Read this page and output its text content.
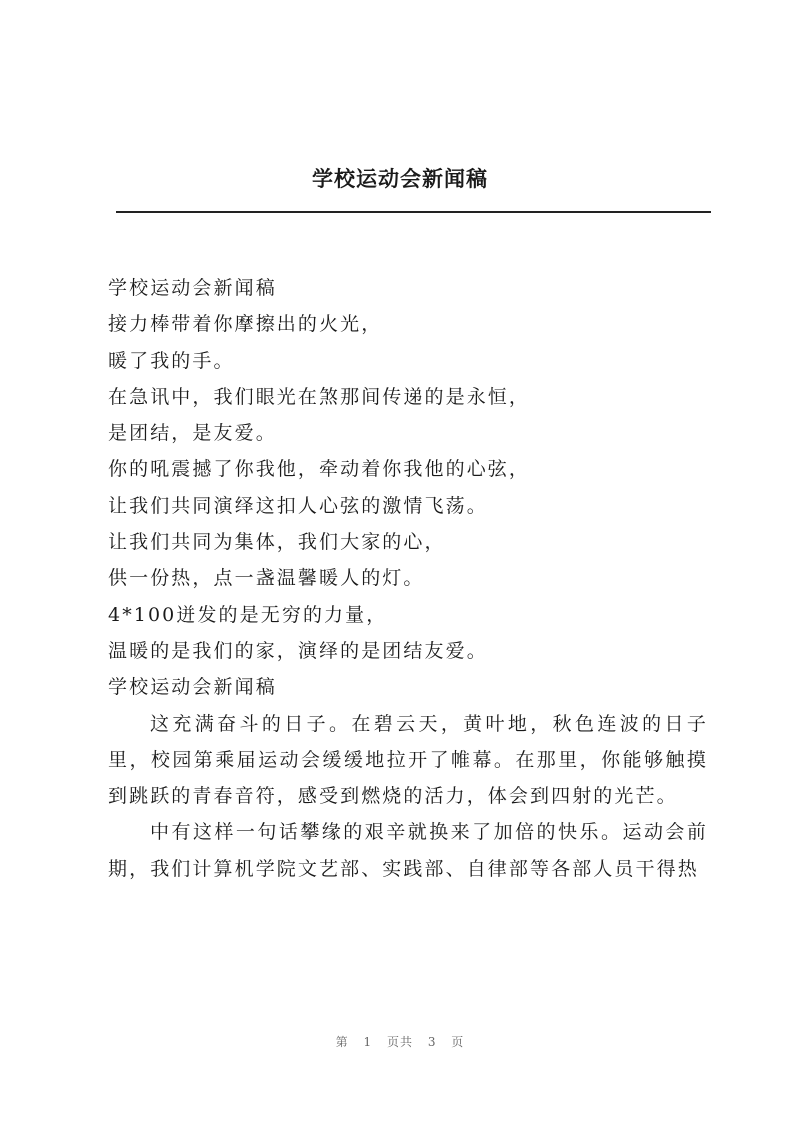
学校运动会新闻稿

学校运动会新闻稿

接力棒带着你摩擦出的火光，

暖了我的手。

在急讯中，我们眼光在煞那间传递的是永恒，

是团结，是友爱。

你的吼震撼了你我他，牵动着你我他的心弦，

让我们共同演绎这扣人心弦的激情飞荡。

让我们共同为集体，我们大家的心，

供一份热，点一盏温馨暖人的灯。

4*100迸发的是无穷的力量，

温暖的是我们的家，演绎的是团结友爱。

学校运动会新闻稿

这充满奋斗的日子。在碧云天，黄叶地，秋色连波的日子里，校园第乘届运动会缓缓地拉开了帷幕。在那里，你能够触摸到跳跃的青春音符，感受到燃烧的活力，体会到四射的光芒。

中有这样一句话攀缘的艰辛就换来了加倍的快乐。运动会前期，我们计算机学院文艺部、实践部、自律部等各部人员干得热

第 1 页共 3 页
